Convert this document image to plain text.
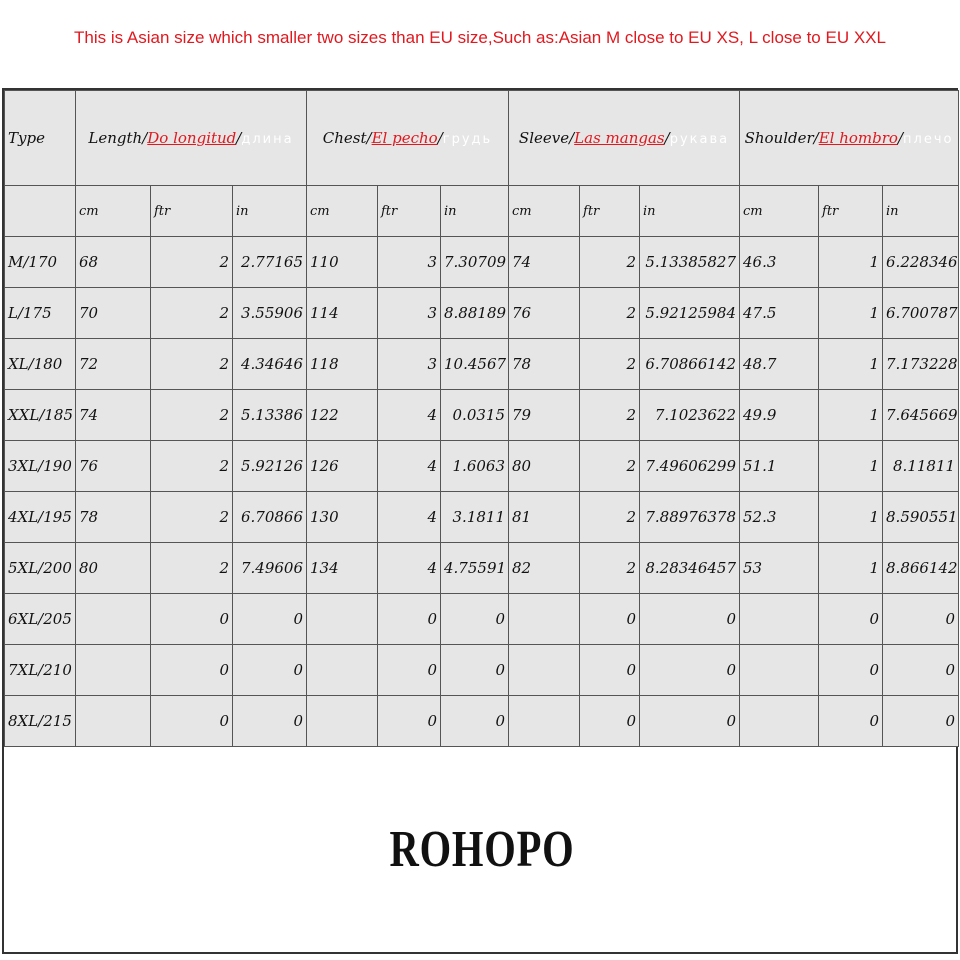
This is Asian size which smaller two sizes than EU size,Such as:Asian M close to EU XS, L close to EU XXL
Type	Length/Do longitud/длина			Chest/El pecho/грудь			Sleeve/Las mangas/рукава			Shoulder/El hombro/плечо		
	cm	ftr	in	cm	ftr	in	cm	ftr	in	cm	ftr	in
M/170	68	2	2.77165	110	3	7.30709	74	2	5.13385827	46.3	1	6.228346
L/175	70	2	3.55906	114	3	8.88189	76	2	5.92125984	47.5	1	6.700787
XL/180	72	2	4.34646	118	3	10.4567	78	2	6.70866142	48.7	1	7.173228
XXL/185	74	2	5.13386	122	4	0.0315	79	2	7.1023622	49.9	1	7.645669
3XL/190	76	2	5.92126	126	4	1.6063	80	2	7.49606299	51.1	1	8.11811
4XL/195	78	2	6.70866	130	4	3.1811	81	2	7.88976378	52.3	1	8.590551
5XL/200	80	2	7.49606	134	4	4.75591	82	2	8.28346457	53	1	8.866142
6XL/205		0	0		0	0		0	0		0	0
7XL/210		0	0		0	0		0	0		0	0
8XL/215		0	0		0	0		0	0		0	0
ROHOPO
